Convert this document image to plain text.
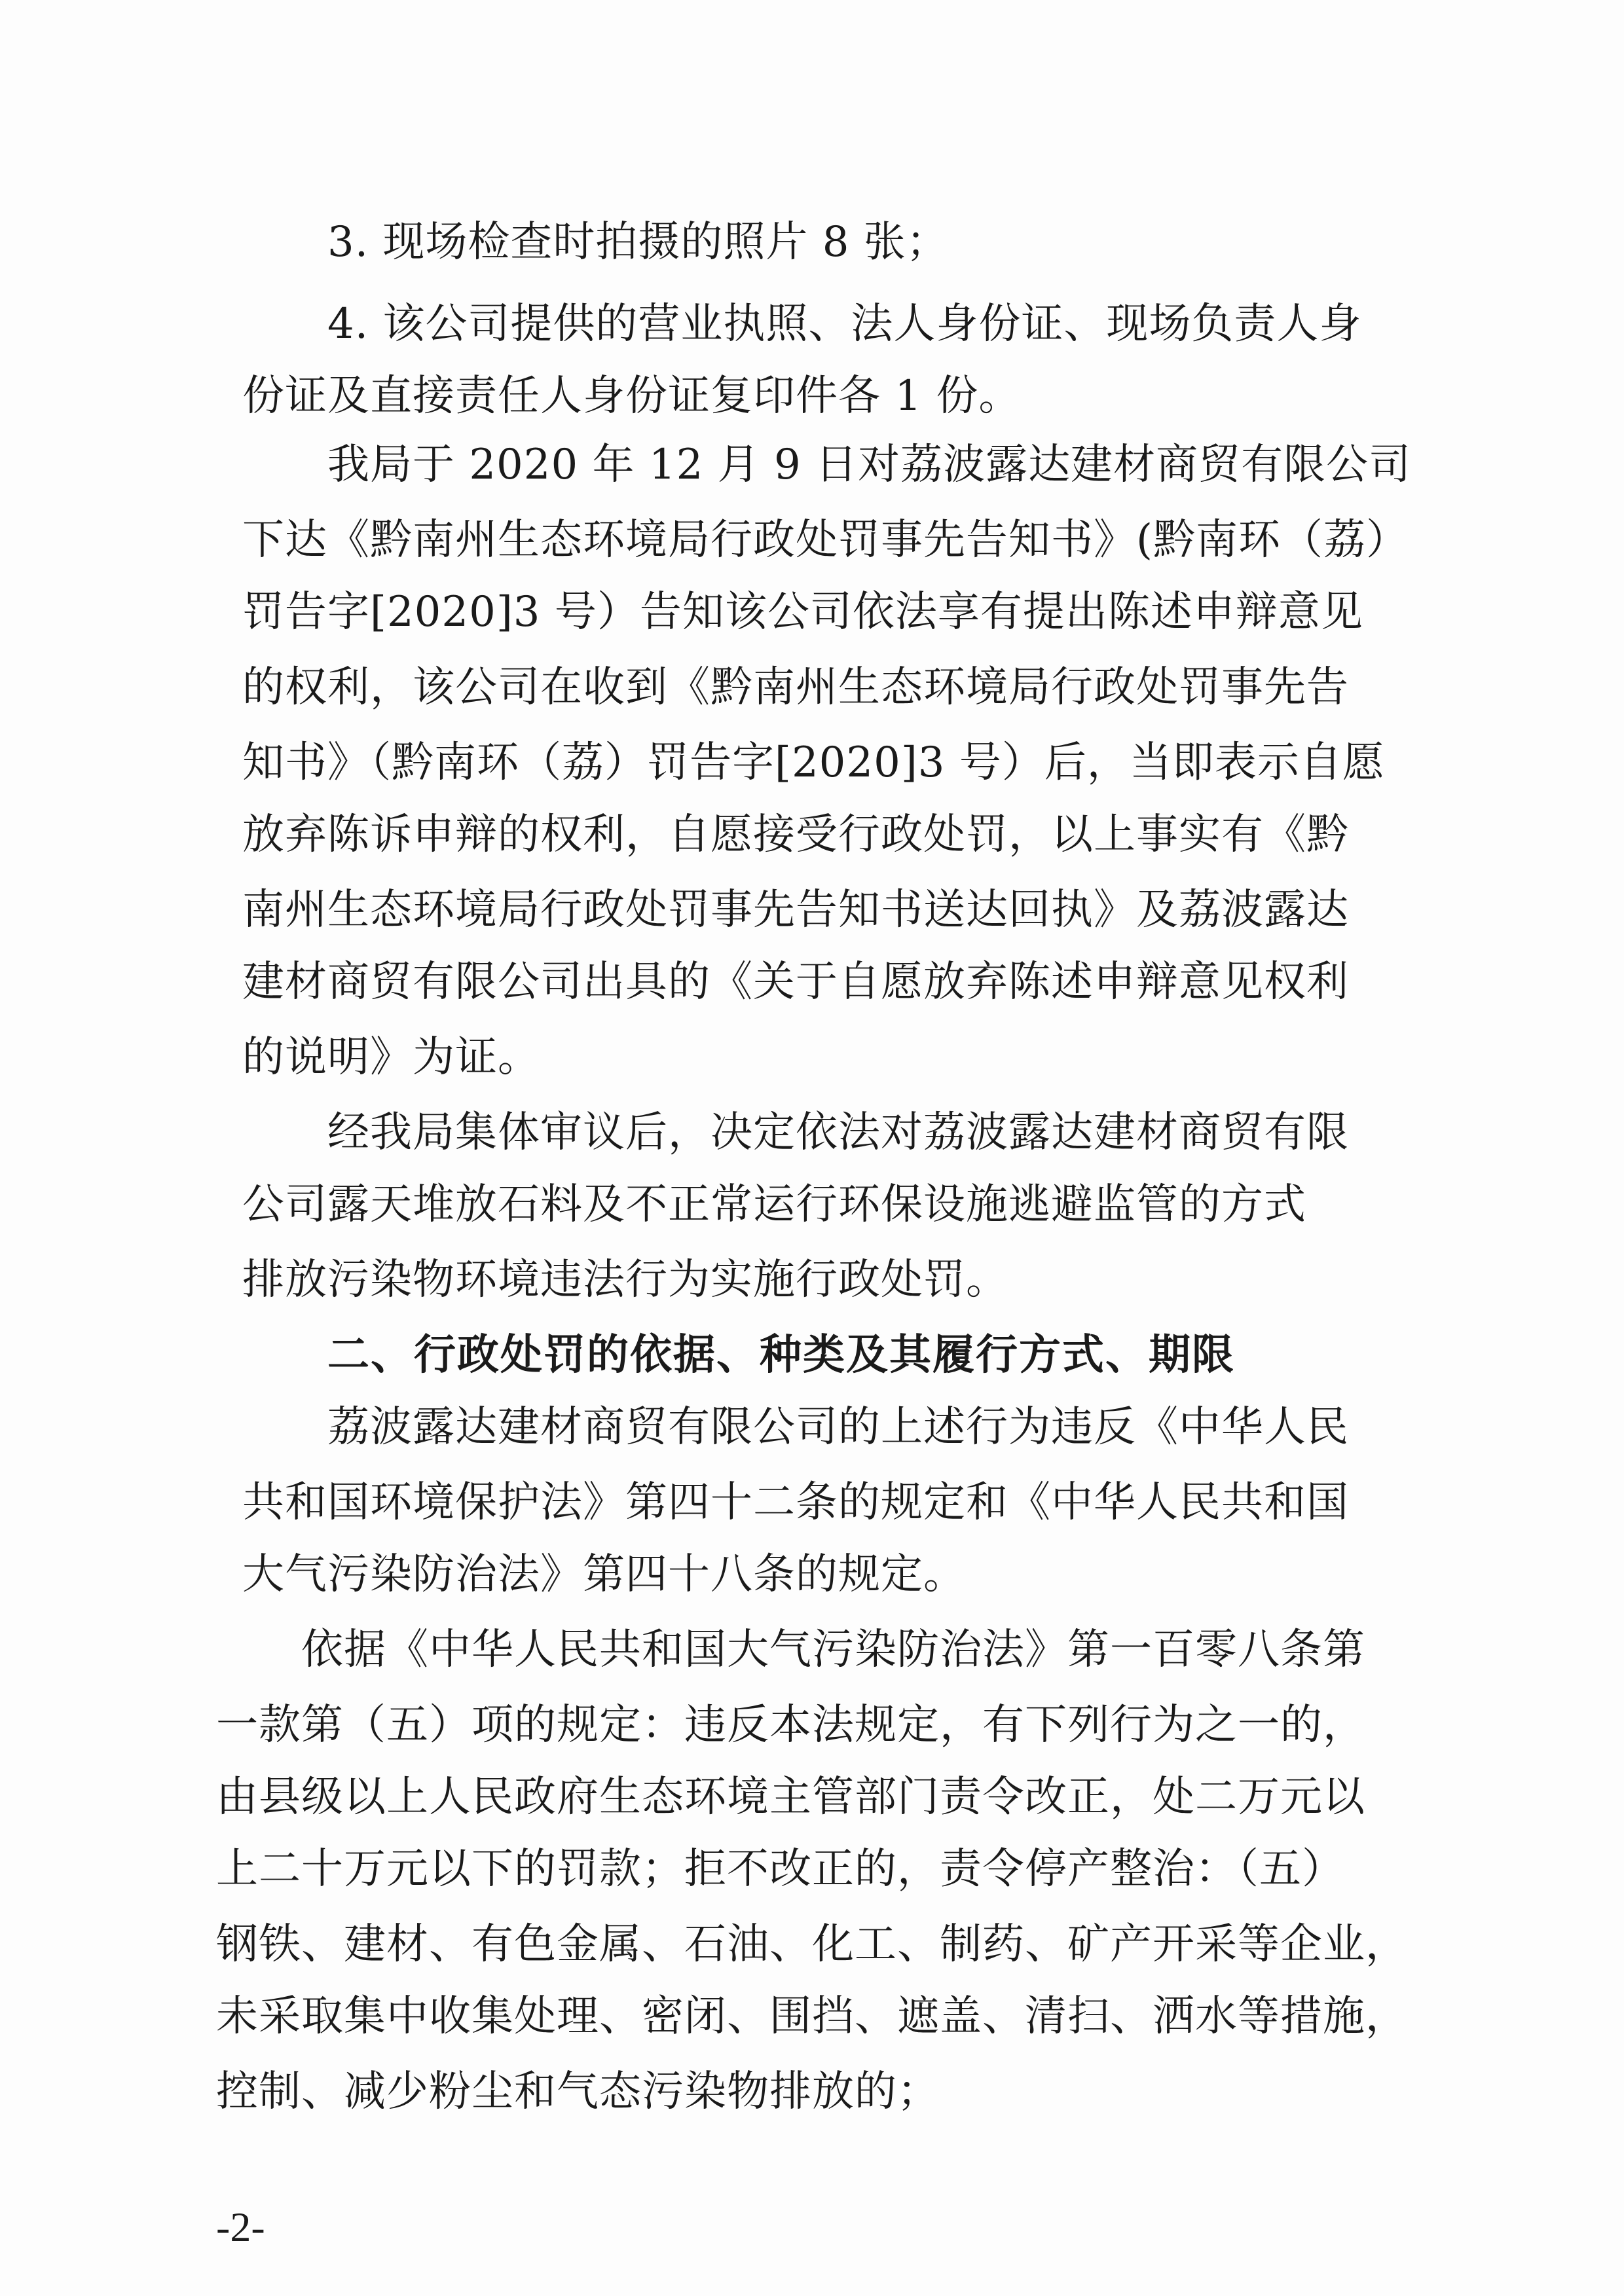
3. 现场检查时拍摄的照片 8 张；
4. 该公司提供的营业执照、法人身份证、现场负责人身
份证及直接责任人身份证复印件各 1 份。
我局于 2020 年 12 月 9 日对荔波露达建材商贸有限公司
下达《黔南州生态环境局行政处罚事先告知书》(黔南环（荔）
罚告字[2020]3 号）告知该公司依法享有提出陈述申辩意见
的权利，该公司在收到《黔南州生态环境局行政处罚事先告
知书》（黔南环（荔）罚告字[2020]3 号）后，当即表示自愿
放弃陈诉申辩的权利，自愿接受行政处罚，以上事实有《黔
南州生态环境局行政处罚事先告知书送达回执》及荔波露达
建材商贸有限公司出具的《关于自愿放弃陈述申辩意见权利
的说明》为证。
经我局集体审议后，决定依法对荔波露达建材商贸有限
公司露天堆放石料及不正常运行环保设施逃避监管的方式
排放污染物环境违法行为实施行政处罚。
二、行政处罚的依据、种类及其履行方式、期限
荔波露达建材商贸有限公司的上述行为违反《中华人民
共和国环境保护法》第四十二条的规定和《中华人民共和国
大气污染防治法》第四十八条的规定。
依据《中华人民共和国大气污染防治法》第一百零八条第
一款第（五）项的规定：违反本法规定，有下列行为之一的，
由县级以上人民政府生态环境主管部门责令改正，处二万元以
上二十万元以下的罚款；拒不改正的，责令停产整治：（五）
钢铁、建材、有色金属、石油、化工、制药、矿产开采等企业，
未采取集中收集处理、密闭、围挡、遮盖、清扫、洒水等措施，
控制、减少粉尘和气态污染物排放的；
-2-
